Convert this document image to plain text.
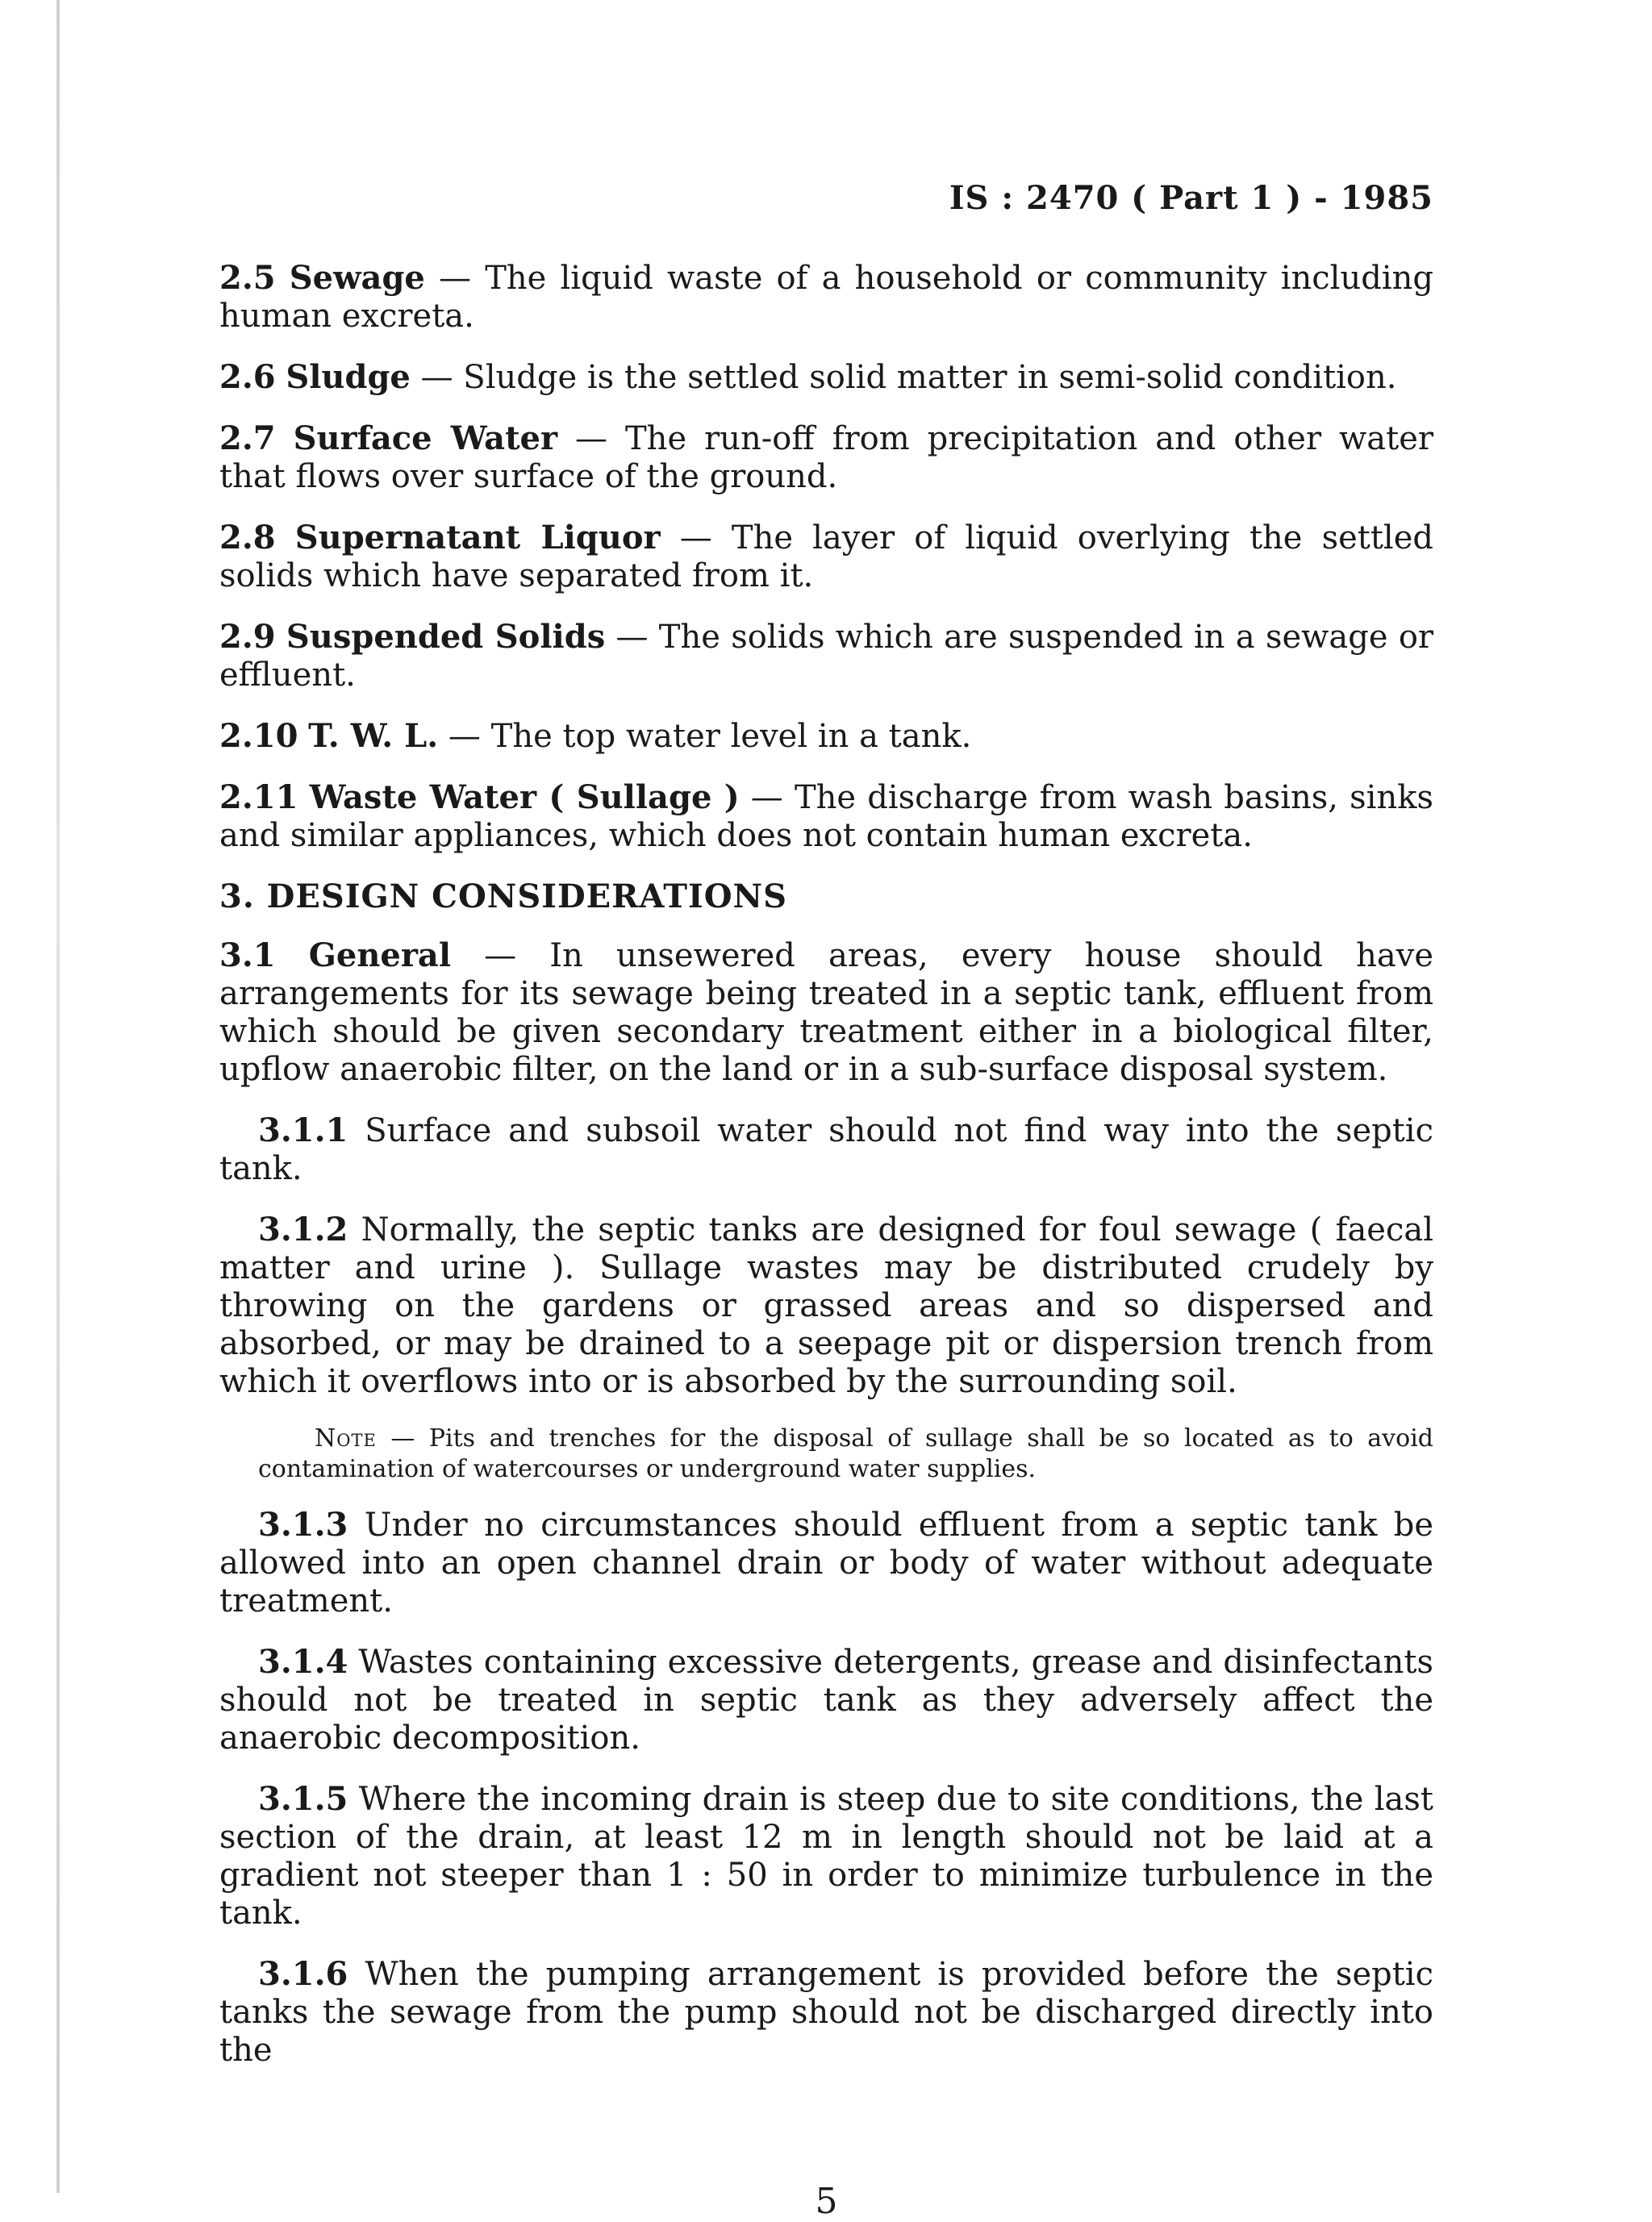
IS : 2470 ( Part 1 ) - 1985

2.5 Sewage — The liquid waste of a household or community including human excreta.

2.6 Sludge — Sludge is the settled solid matter in semi-solid condition.

2.7 Surface Water — The run-off from precipitation and other water that flows over surface of the ground.

2.8 Supernatant Liquor — The layer of liquid overlying the settled solids which have separated from it.

2.9 Suspended Solids — The solids which are suspended in a sewage or effluent.

2.10 T. W. L. — The top water level in a tank.

2.11 Waste Water ( Sullage ) — The discharge from wash basins, sinks and similar appliances, which does not contain human excreta.

3. DESIGN CONSIDERATIONS

3.1 General — In unsewered areas, every house should have arrangements for its sewage being treated in a septic tank, effluent from which should be given secondary treatment either in a biological filter, upflow anaerobic filter, on the land or in a sub-surface disposal system.

3.1.1 Surface and subsoil water should not find way into the septic tank.

3.1.2 Normally, the septic tanks are designed for foul sewage ( faecal matter and urine ). Sullage wastes may be distributed crudely by throwing on the gardens or grassed areas and so dispersed and absorbed, or may be drained to a seepage pit or dispersion trench from which it overflows into or is absorbed by the surrounding soil.

Note — Pits and trenches for the disposal of sullage shall be so located as to avoid contamination of watercourses or underground water supplies.

3.1.3 Under no circumstances should effluent from a septic tank be allowed into an open channel drain or body of water without adequate treatment.

3.1.4 Wastes containing excessive detergents, grease and disinfectants should not be treated in septic tank as they adversely affect the anaerobic decomposition.

3.1.5 Where the incoming drain is steep due to site conditions, the last section of the drain, at least 12 m in length should not be laid at a gradient not steeper than 1 : 50 in order to minimize turbulence in the tank.

3.1.6 When the pumping arrangement is provided before the septic tanks the sewage from the pump should not be discharged directly into the

5
